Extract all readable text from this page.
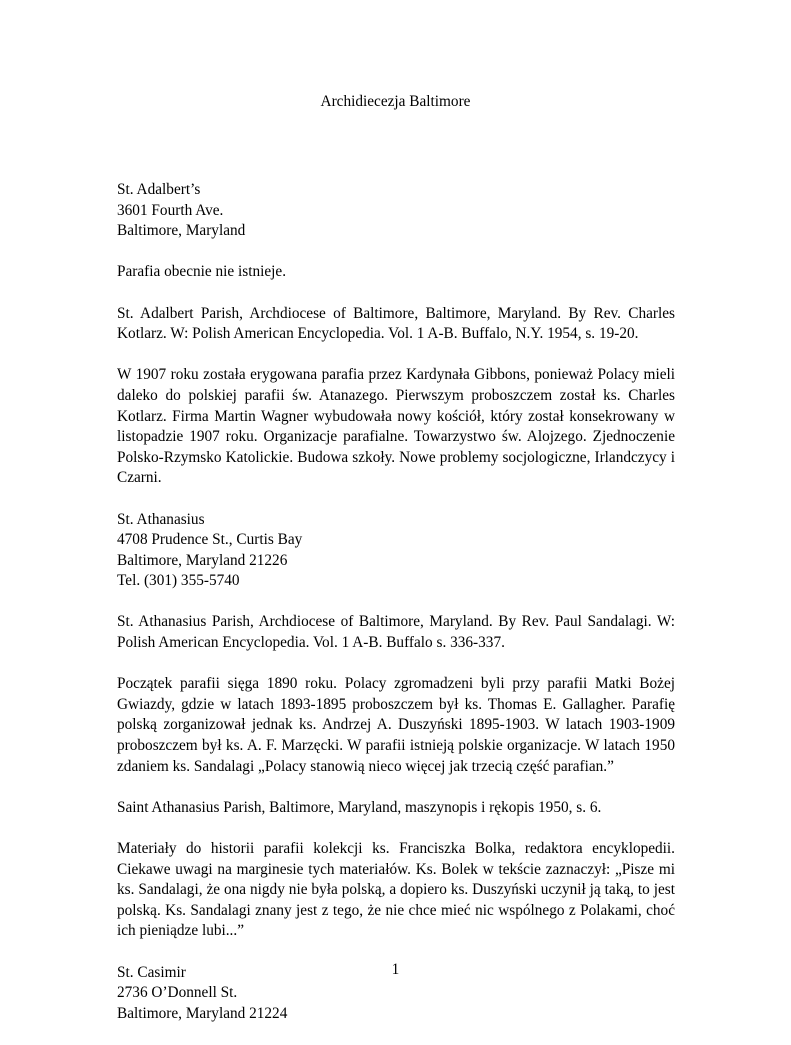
Archidiecezja Baltimore

St. Adalbert’s
3601 Fourth Ave.
Baltimore, Maryland

Parafia obecnie nie istnieje.

St. Adalbert Parish, Archdiocese of Baltimore, Baltimore, Maryland. By Rev. Charles Kotlarz. W: Polish American Encyclopedia. Vol. 1 A-B. Buffalo, N.Y. 1954, s. 19-20.

W 1907 roku została erygowana parafia przez Kardynała Gibbons, ponieważ Polacy mieli daleko do polskiej parafii św. Atanazego. Pierwszym proboszczem został ks. Charles Kotlarz. Firma Martin Wagner wybudowała nowy kościół, który został konsekrowany w listopadzie 1907 roku. Organizacje parafialne. Towarzystwo św. Alojzego. Zjednoczenie Polsko-Rzymsko Katolickie. Budowa szkoły. Nowe problemy socjologiczne, Irlandczycy i Czarni.

St. Athanasius
4708 Prudence St., Curtis Bay
Baltimore, Maryland 21226
Tel. (301) 355-5740

St. Athanasius Parish, Archdiocese of Baltimore, Maryland. By Rev. Paul Sandalagi. W: Polish American Encyclopedia. Vol. 1 A-B. Buffalo s. 336-337.

Początek parafii sięga 1890 roku. Polacy zgromadzeni byli przy parafii Matki Bożej Gwiazdy, gdzie w latach 1893-1895 proboszczem był ks. Thomas E. Gallagher. Parafię polską zorganizował jednak ks. Andrzej A. Duszyński 1895-1903. W latach 1903-1909 proboszczem był ks. A. F. Marzęcki. W parafii istnieją polskie organizacje. W latach 1950 zdaniem ks. Sandalagi „Polacy stanowią nieco więcej jak trzecią część parafian.”

Saint Athanasius Parish, Baltimore, Maryland, maszynopis i rękopis 1950, s. 6.

Materiały do historii parafii kolekcji ks. Franciszka Bolka, redaktora encyklopedii. Ciekawe uwagi na marginesie tych materiałów. Ks. Bolek w tekście zaznaczył: „Pisze mi ks. Sandalagi, że ona nigdy nie była polską, a dopiero ks. Duszyński uczynił ją taką, to jest polską. Ks. Sandalagi znany jest z tego, że nie chce mieć nic wspólnego z Polakami, choć ich pieniądze lubi...”

St. Casimir
2736 O’Donnell St.
Baltimore, Maryland 21224

1
